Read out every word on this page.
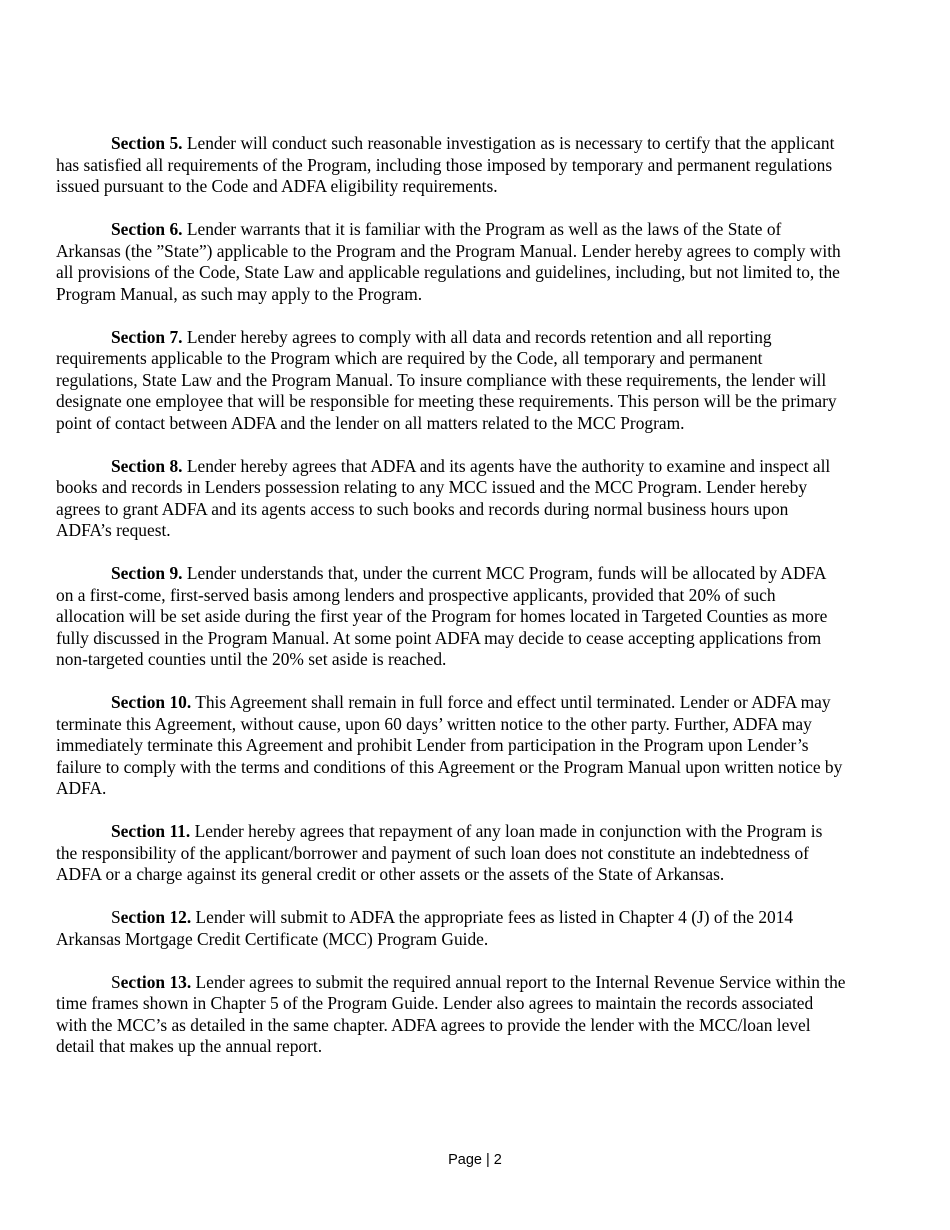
Section 5. Lender will conduct such reasonable investigation as is necessary to certify that the applicant has satisfied all requirements of the Program, including those imposed by temporary and permanent regulations issued pursuant to the Code and ADFA eligibility requirements.

Section 6. Lender warrants that it is familiar with the Program as well as the laws of the State of Arkansas (the ”State”) applicable to the Program and the Program Manual. Lender hereby agrees to comply with all provisions of the Code, State Law and applicable regulations and guidelines, including, but not limited to, the Program Manual, as such may apply to the Program.

Section 7. Lender hereby agrees to comply with all data and records retention and all reporting requirements applicable to the Program which are required by the Code, all temporary and permanent regulations, State Law and the Program Manual. To insure compliance with these requirements, the lender will designate one employee that will be responsible for meeting these requirements. This person will be the primary point of contact between ADFA and the lender on all matters related to the MCC Program.

Section 8. Lender hereby agrees that ADFA and its agents have the authority to examine and inspect all books and records in Lenders possession relating to any MCC issued and the MCC Program. Lender hereby agrees to grant ADFA and its agents access to such books and records during normal business hours upon ADFA’s request.

Section 9. Lender understands that, under the current MCC Program, funds will be allocated by ADFA on a first-come, first-served basis among lenders and prospective applicants, provided that 20% of such allocation will be set aside during the first year of the Program for homes located in Targeted Counties as more fully discussed in the Program Manual. At some point ADFA may decide to cease accepting applications from non-targeted counties until the 20% set aside is reached.

Section 10. This Agreement shall remain in full force and effect until terminated. Lender or ADFA may terminate this Agreement, without cause, upon 60 days’ written notice to the other party. Further, ADFA may immediately terminate this Agreement and prohibit Lender from participation in the Program upon Lender’s failure to comply with the terms and conditions of this Agreement or the Program Manual upon written notice by ADFA.

Section 11. Lender hereby agrees that repayment of any loan made in conjunction with the Program is the responsibility of the applicant/borrower and payment of such loan does not constitute an indebtedness of ADFA or a charge against its general credit or other assets or the assets of the State of Arkansas.

Section 12. Lender will submit to ADFA the appropriate fees as listed in Chapter 4 (J) of the 2014 Arkansas Mortgage Credit Certificate (MCC) Program Guide.

Section 13. Lender agrees to submit the required annual report to the Internal Revenue Service within the time frames shown in Chapter 5 of the Program Guide. Lender also agrees to maintain the records associated with the MCC’s as detailed in the same chapter. ADFA agrees to provide the lender with the MCC/loan level detail that makes up the annual report.

Page | 2
